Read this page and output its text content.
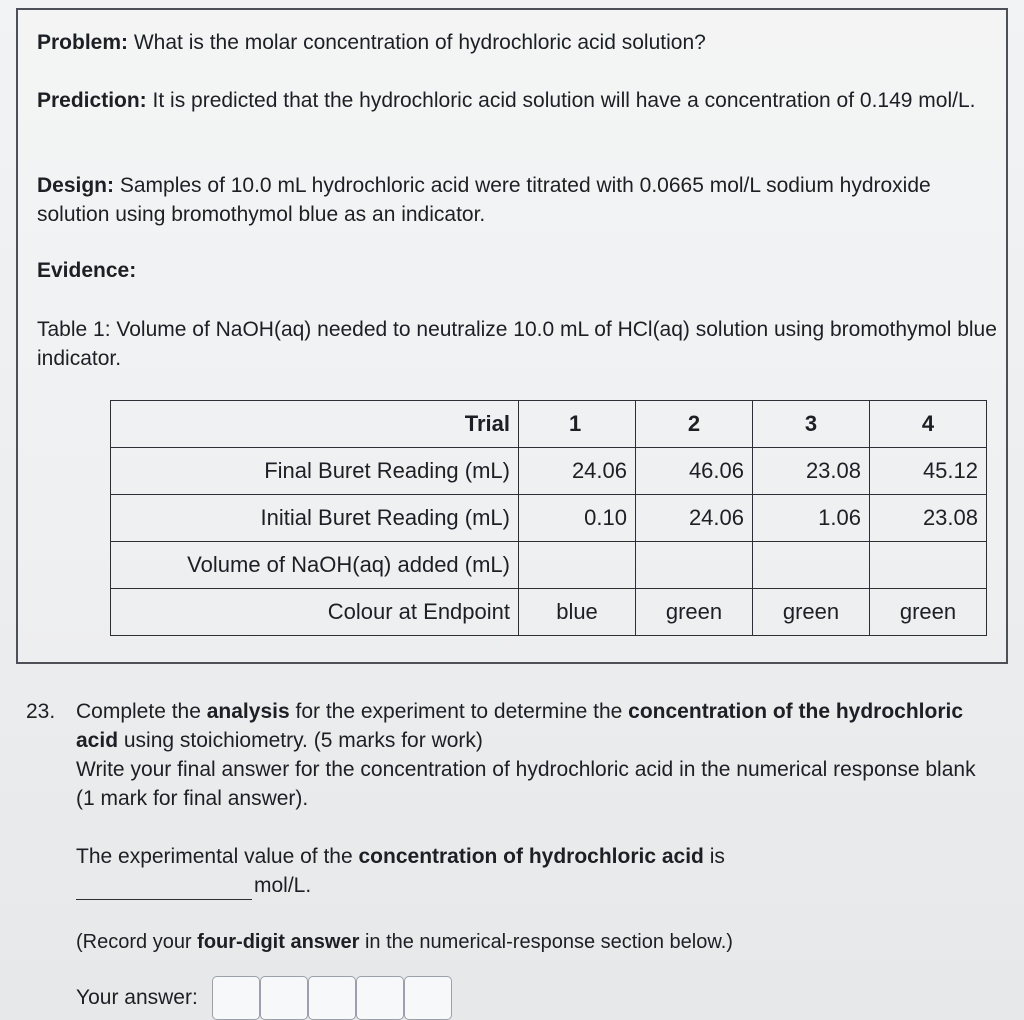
Problem: What is the molar concentration of hydrochloric acid solution?
Prediction: It is predicted that the hydrochloric acid solution will have a concentration of 0.149 mol/L.
Design: Samples of 10.0 mL hydrochloric acid were titrated with 0.0665 mol/L sodium hydroxide solution using bromothymol blue as an indicator.
Evidence:
Table 1: Volume of NaOH(aq) needed to neutralize 10.0 mL of HCl(aq) solution using bromothymol blue indicator.
Trial	1	2	3	4
Final Buret Reading (mL)	24.06	46.06	23.08	45.12
Initial Buret Reading (mL)	0.10	24.06	1.06	23.08
Volume of NaOH(aq) added (mL)				
Colour at Endpoint	blue	green	green	green
23. Complete the analysis for the experiment to determine the concentration of the hydrochloric acid using stoichiometry. (5 marks for work)
Write your final answer for the concentration of hydrochloric acid in the numerical response blank (1 mark for final answer).
The experimental value of the concentration of hydrochloric acid is
mol/L.
(Record your four-digit answer in the numerical-response section below.)
Your answer:
